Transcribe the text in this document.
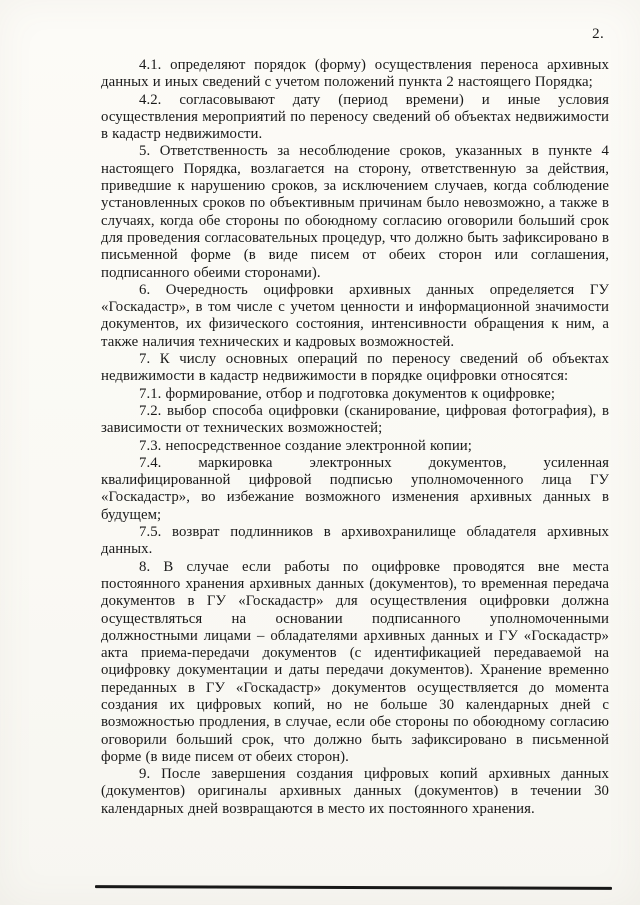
2.

4.1. определяют порядок (форму) осуществления переноса архивных данных и иных сведений с учетом положений пункта 2 настоящего Порядка;

4.2. согласовывают дату (период времени) и иные условия осуществления мероприятий по переносу сведений об объектах недвижимости в кадастр недвижимости.

5. Ответственность за несоблюдение сроков, указанных в пункте 4 настоящего Порядка, возлагается на сторону, ответственную за действия, приведшие к нарушению сроков, за исключением случаев, когда соблюдение установленных сроков по объективным причинам было невозможно, а также в случаях, когда обе стороны по обоюдному согласию оговорили больший срок для проведения согласовательных процедур, что должно быть зафиксировано в письменной форме (в виде писем от обеих сторон или соглашения, подписанного обеими сторонами).

6. Очередность оцифровки архивных данных определяется ГУ «Госкадастр», в том числе с учетом ценности и информационной значимости документов, их физического состояния, интенсивности обращения к ним, а также наличия технических и кадровых возможностей.

7. К числу основных операций по переносу сведений об объектах недвижимости в кадастр недвижимости в порядке оцифровки относятся:

7.1. формирование, отбор и подготовка документов к оцифровке;

7.2. выбор способа оцифровки (сканирование, цифровая фотография), в зависимости от технических возможностей;

7.3. непосредственное создание электронной копии;

7.4. маркировка электронных документов, усиленная квалифицированной цифровой подписью уполномоченного лица ГУ «Госкадастр», во избежание возможного изменения архивных данных в будущем;

7.5. возврат подлинников в архивохранилище обладателя архивных данных.

8. В случае если работы по оцифровке проводятся вне места постоянного хранения архивных данных (документов), то временная передача документов в ГУ «Госкадастр» для осуществления оцифровки должна осуществляться на основании подписанного уполномоченными должностными лицами – обладателями архивных данных и ГУ «Госкадастр» акта приема-передачи документов (с идентификацией передаваемой на оцифровку документации и даты передачи документов). Хранение временно переданных в ГУ «Госкадастр» документов осуществляется до момента создания их цифровых копий, но не больше 30 календарных дней с возможностью продления, в случае, если обе стороны по обоюдному согласию оговорили больший срок, что должно быть зафиксировано в письменной форме (в виде писем от обеих сторон).

9. После завершения создания цифровых копий архивных данных (документов) оригиналы архивных данных (документов) в течении 30 календарных дней возвращаются в место их постоянного хранения.
